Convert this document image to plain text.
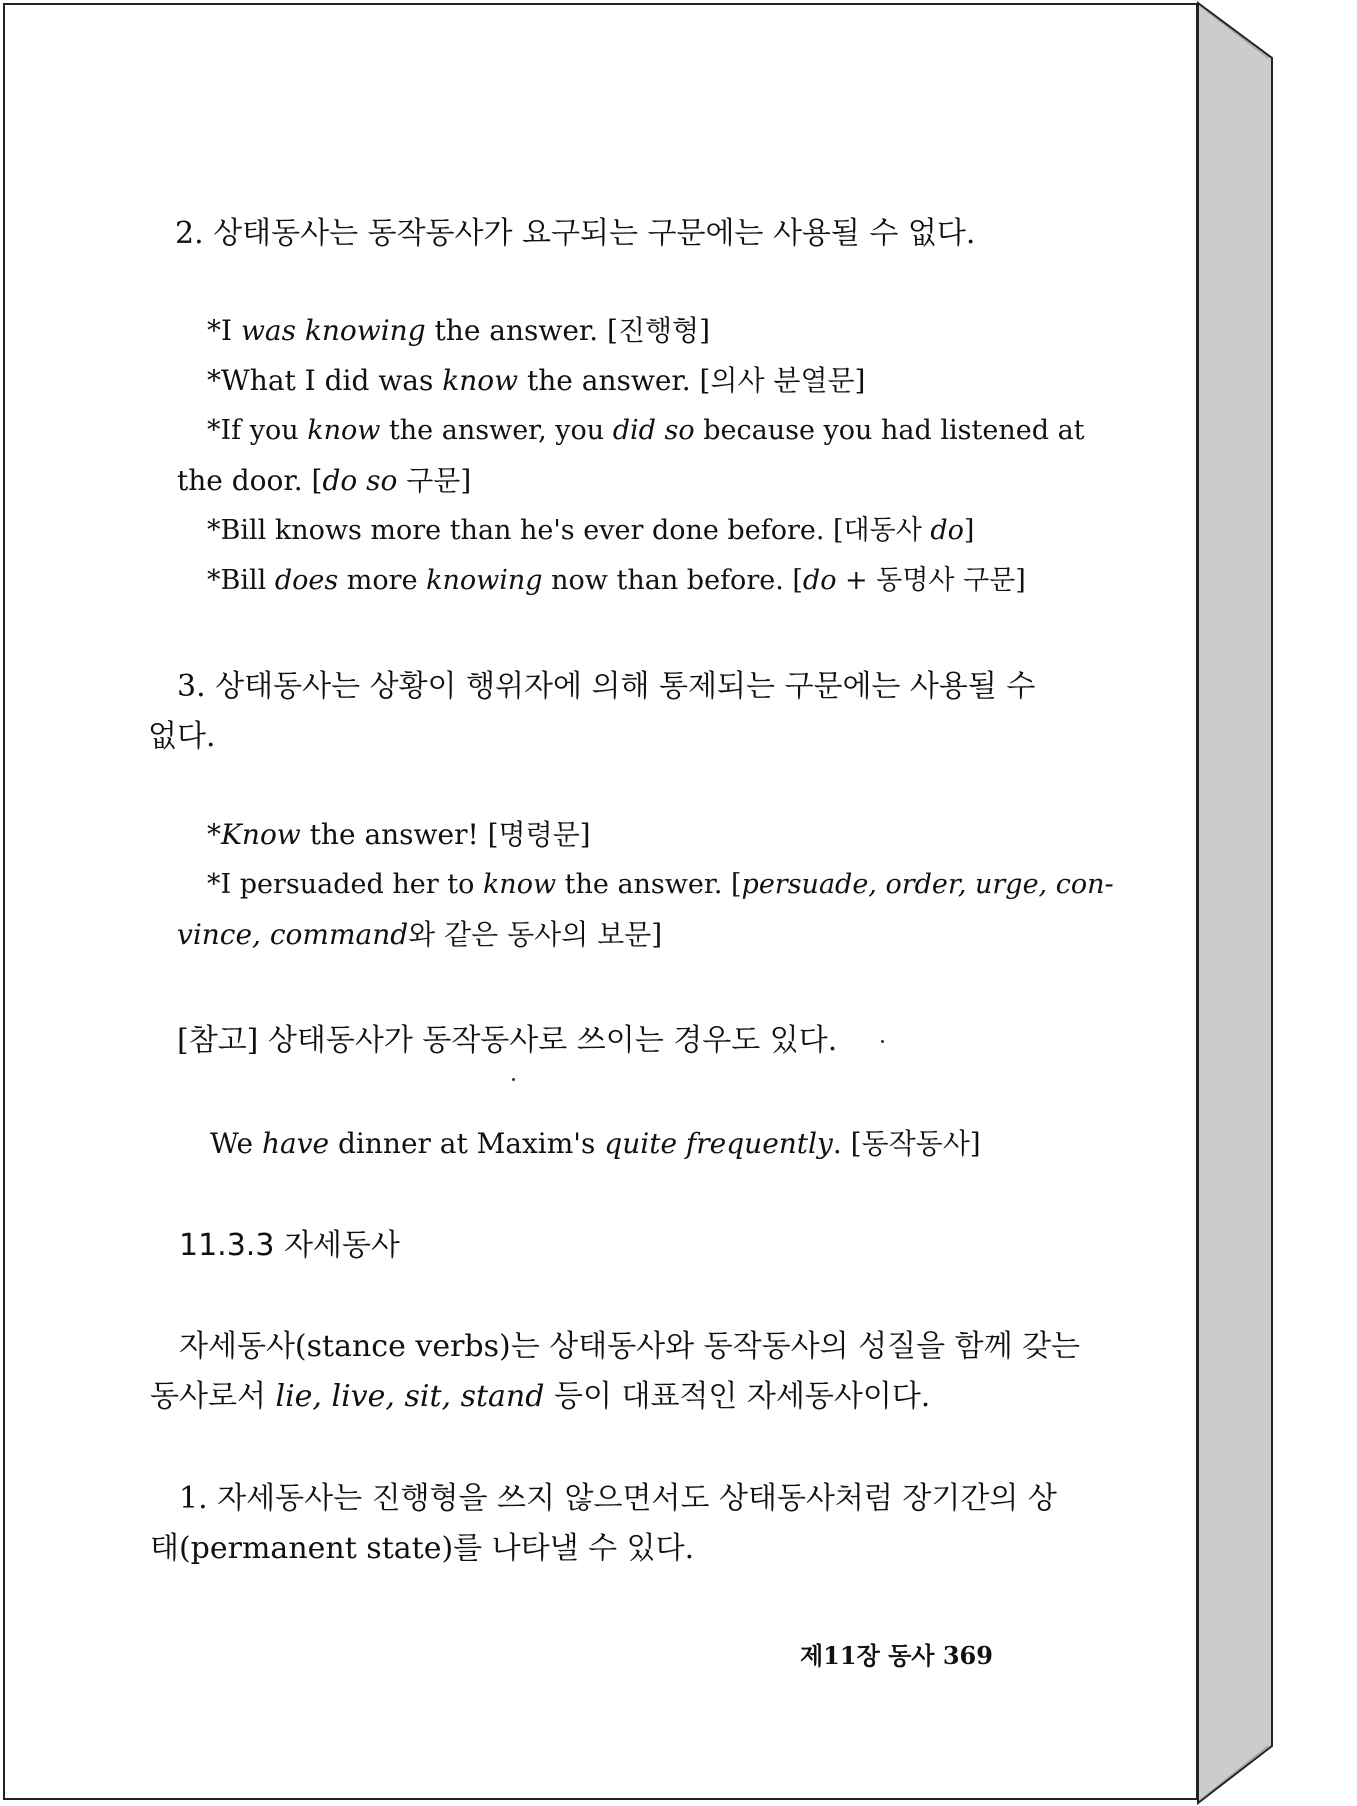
2. 상태동사는 동작동사가 요구되는 구문에는 사용될 수 없다.
*I was knowing the answer. [진행형]
*What I did was know the answer. [의사 분열문]
*If you know the answer, you did so because you had listened at
the door. [do so 구문]
*Bill knows more than he's ever done before. [대동사 do]
*Bill does more knowing now than before. [do + 동명사 구문]
3. 상태동사는 상황이 행위자에 의해 통제되는 구문에는 사용될 수
없다.
*Know the answer! [명령문]
*I persuaded her to know the answer. [persuade, order, urge, con-
vince, command와 같은 동사의 보문]
[참고] 상태동사가 동작동사로 쓰이는 경우도 있다.
We have dinner at Maxim's quite frequently. [동작동사]
11.3.3 자세동사
자세동사(stance verbs)는 상태동사와 동작동사의 성질을 함께 갖는
동사로서 lie, live, sit, stand 등이 대표적인 자세동사이다.
1. 자세동사는 진행형을 쓰지 않으면서도 상태동사처럼 장기간의 상
태(permanent state)를 나타낼 수 있다.
제11장 동사 369
